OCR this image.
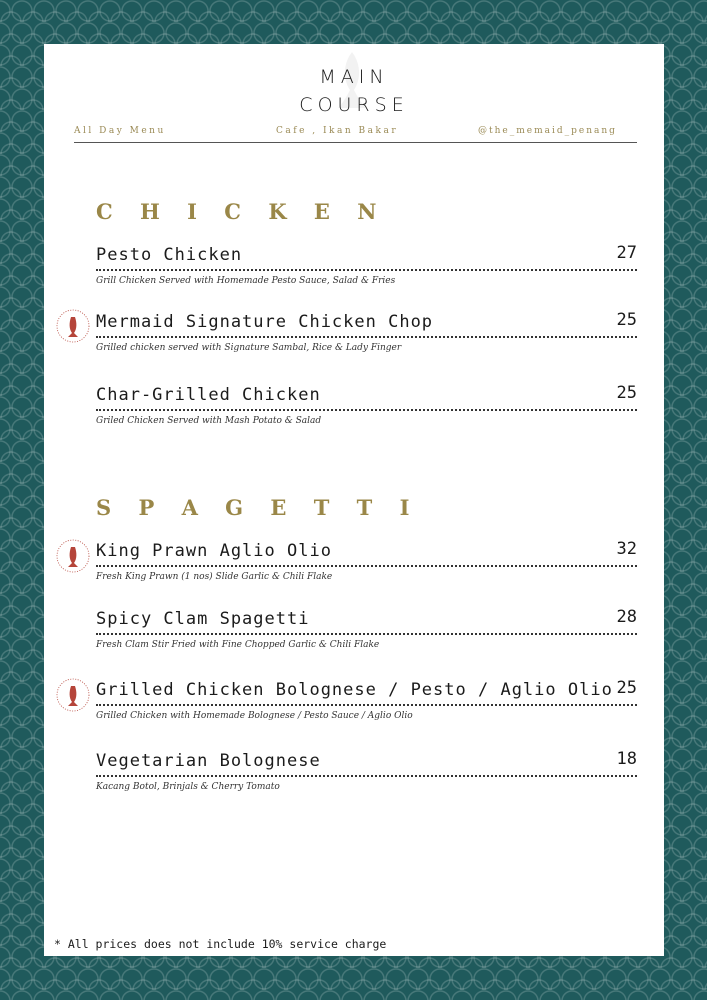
MAIN
COURSE
All Day Menu	Cafe , Ikan Bakar	@the_memaid_penang
C H I C K E N
Pesto Chicken	27
Grill Chicken Served with Homemade Pesto Sauce, Salad & Fries
Mermaid Signature Chicken Chop	25
Grilled chicken served with Signature Sambal, Rice & Lady Finger
Char-Grilled Chicken	25
Griled Chicken Served with Mash Potato & Salad
S P A G E T T I
King Prawn Aglio Olio	32
Fresh King Prawn (1 nos) Slide Garlic & Chili Flake
Spicy Clam Spagetti	28
Fresh Clam Stir Fried with Fine Chopped Garlic & Chili Flake
Grilled Chicken Bolognese / Pesto / Aglio Olio 25
Grilled Chicken with Homemade Bolognese / Pesto Sauce / Aglio Olio
Vegetarian Bolognese	18
Kacang Botol, Brinjals & Cherry Tomato
* All prices does not include 10% service charge
